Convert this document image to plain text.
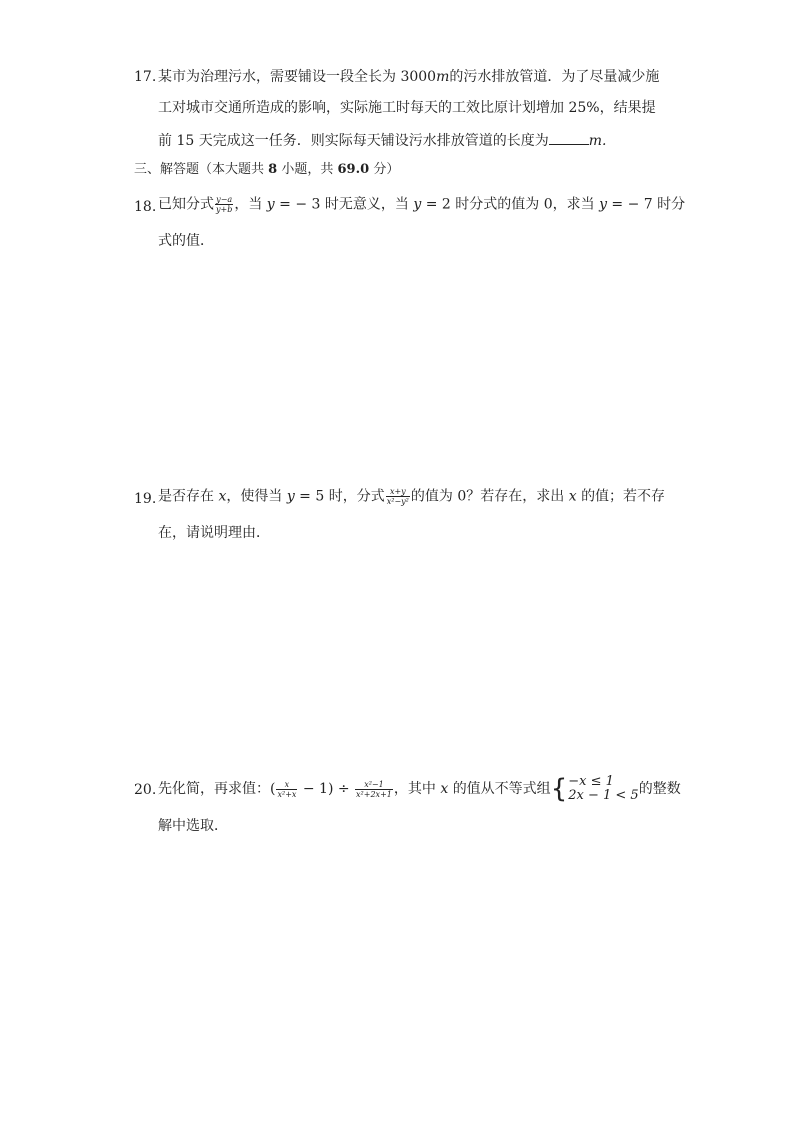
17. 某市为治理污水，需要铺设一段全长为 3000m的污水排放管道．为了尽量减少施
工对城市交通所造成的影响，实际施工时每天的工效比原计划增加 25%，结果提
前 15 天完成这一任务．则实际每天铺设污水排放管道的长度为	m.
三、解答题（本大题共 8 小题，共 69.0 分）
18. 已知分式 $\frac{y-a}{y+b}$ ，当 y = − 3 时无意义，当 y = 2 时分式的值为 0，求当 y = − 7 时分
式的值．
19. 是否存在 x，使得当 y = 5 时，分式 $\frac{x+y}{\text{x²−y²}}$ 的值为 0？若存在，求出 x 的值；若不存
在，请说明理由．
20. 先化简，再求值：( $\frac{x}{\text{x²+x}} - 1) \div \frac{\text{x²−1}}{\text{x²+2x+1}}$ ，其中 x 的值从不等式组 { −x ≤ 1
2x − 1 < 5 的整数
解中选取．
